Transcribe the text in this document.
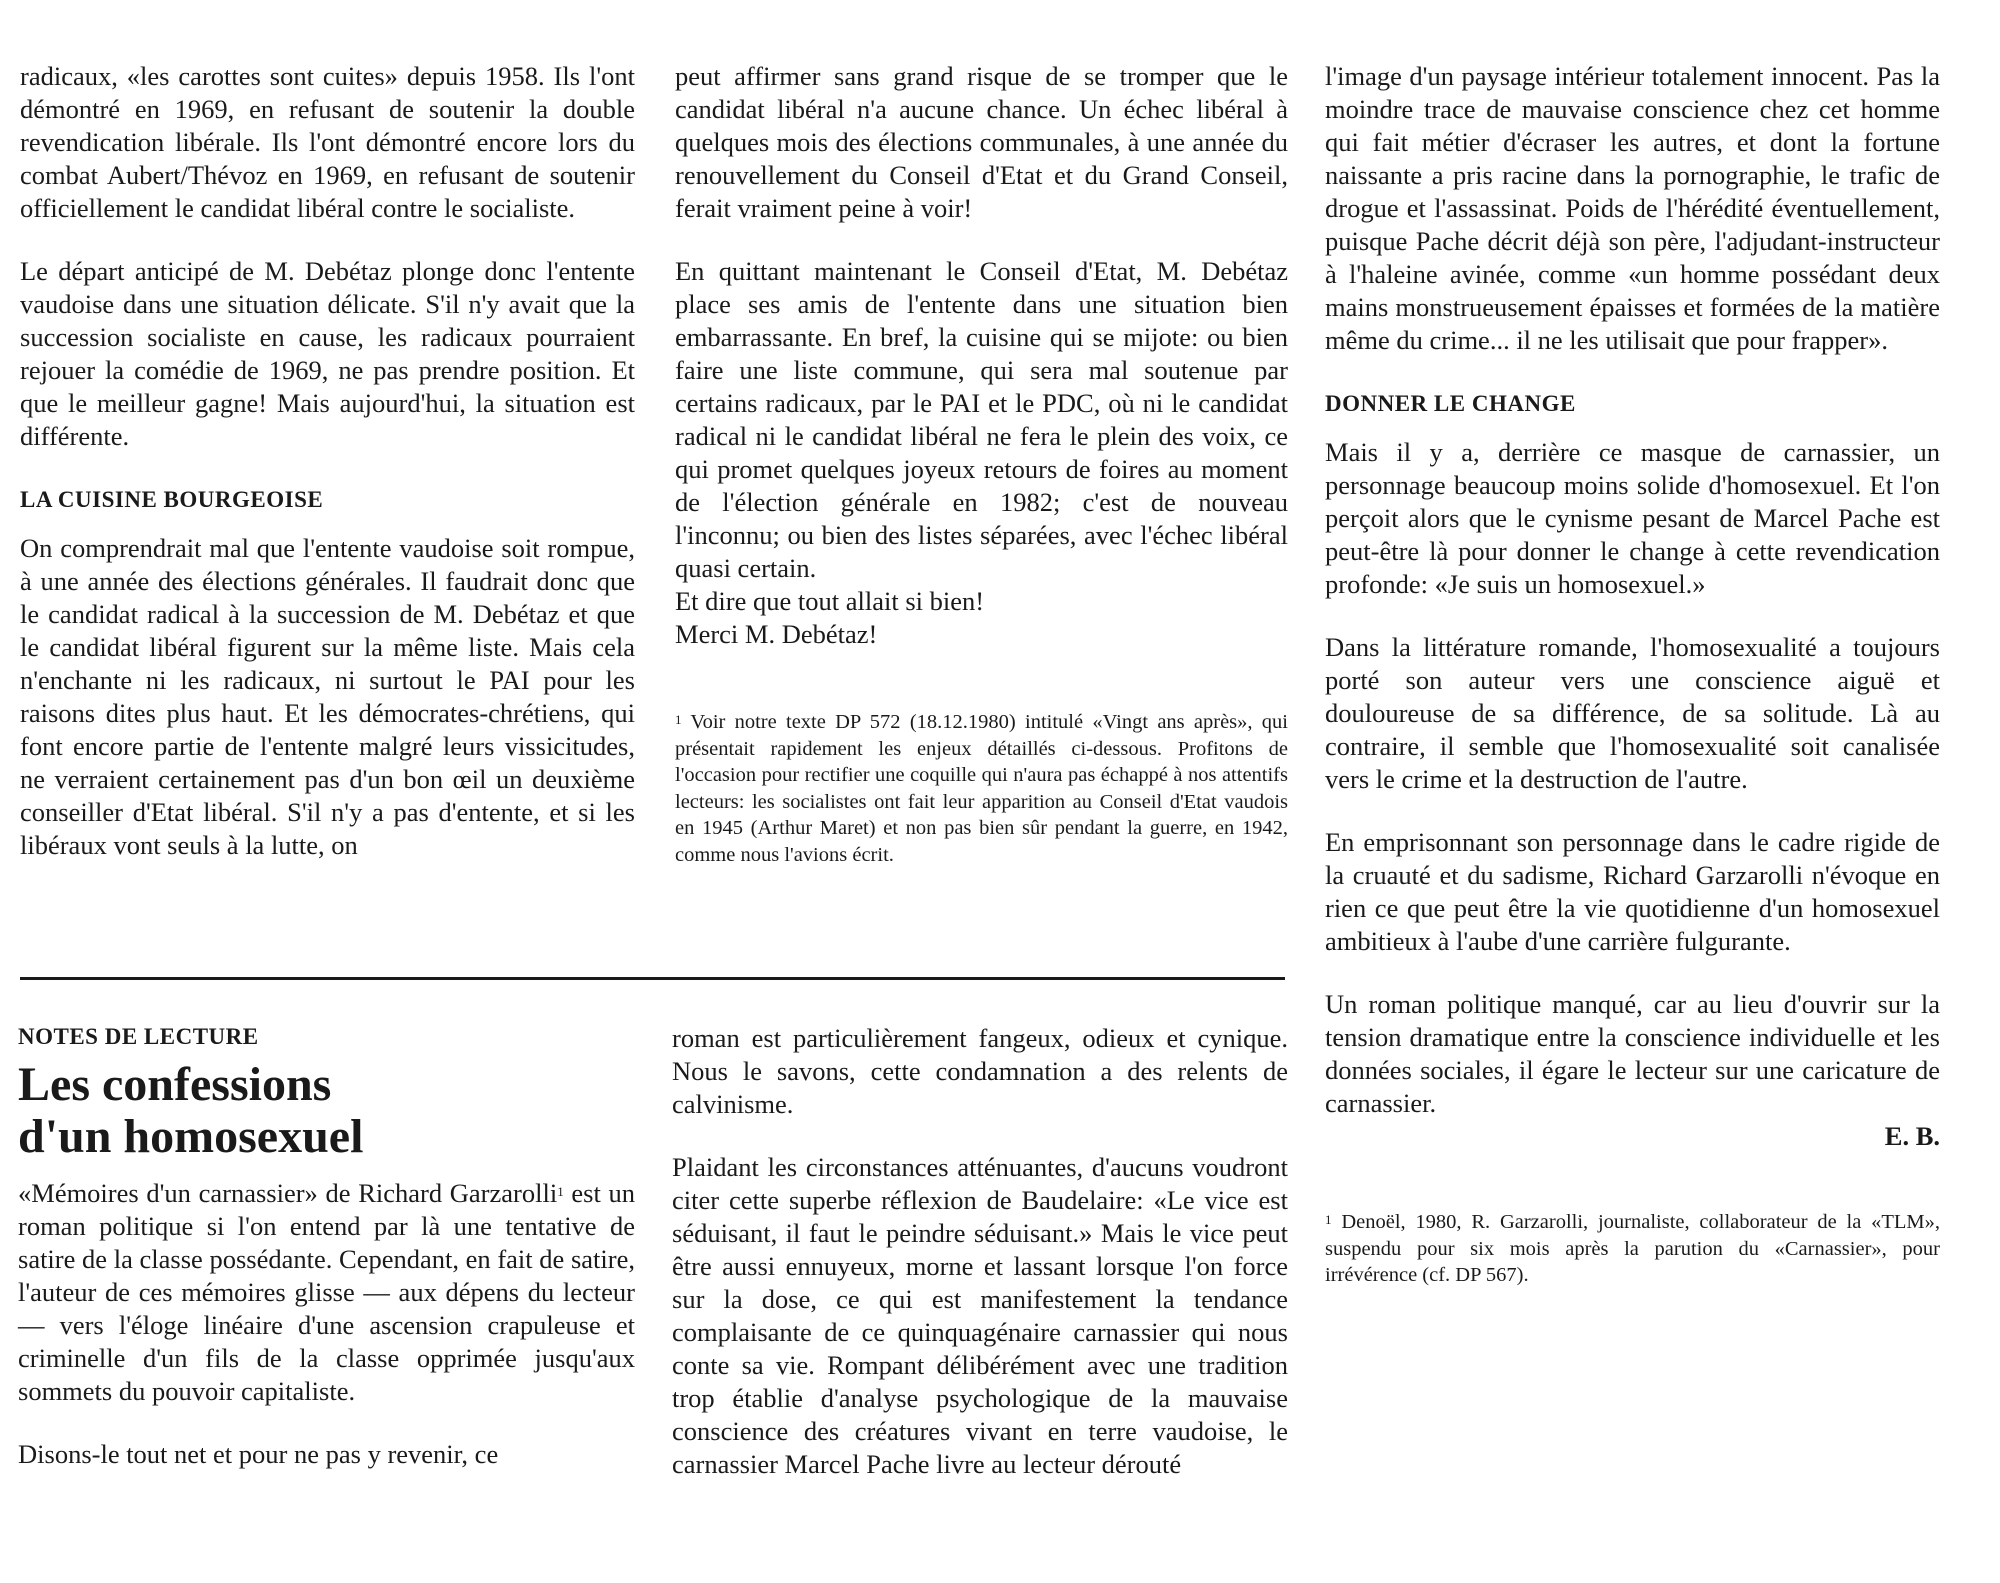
radicaux, «les carottes sont cuites» depuis 1958. Ils l'ont démontré en 1969, en refusant de soutenir la double revendication libérale. Ils l'ont démontré encore lors du combat Aubert/Thévoz en 1969, en refusant de soutenir officiellement le candidat libéral contre le socialiste.

Le départ anticipé de M. Debétaz plonge donc l'entente vaudoise dans une situation délicate. S'il n'y avait que la succession socialiste en cause, les radicaux pourraient rejouer la comédie de 1969, ne pas prendre position. Et que le meilleur gagne! Mais aujourd'hui, la situation est différente.

LA CUISINE BOURGEOISE

On comprendrait mal que l'entente vaudoise soit rompue, à une année des élections générales. Il faudrait donc que le candidat radical à la succession de M. Debétaz et que le candidat libéral figurent sur la même liste. Mais cela n'enchante ni les radicaux, ni surtout le PAI pour les raisons dites plus haut. Et les démocrates-chrétiens, qui font encore partie de l'entente malgré leurs vissicitudes, ne verraient certainement pas d'un bon œil un deuxième conseiller d'Etat libéral. S'il n'y a pas d'entente, et si les libéraux vont seuls à la lutte, on

peut affirmer sans grand risque de se tromper que le candidat libéral n'a aucune chance. Un échec libéral à quelques mois des élections communales, à une année du renouvellement du Conseil d'Etat et du Grand Conseil, ferait vraiment peine à voir!

En quittant maintenant le Conseil d'Etat, M. Debétaz place ses amis de l'entente dans une situation bien embarrassante. En bref, la cuisine qui se mijote: ou bien faire une liste commune, qui sera mal soutenue par certains radicaux, par le PAI et le PDC, où ni le candidat radical ni le candidat libéral ne fera le plein des voix, ce qui promet quelques joyeux retours de foires au moment de l'élection générale en 1982; c'est de nouveau l'inconnu; ou bien des listes séparées, avec l'échec libéral quasi certain.

Et dire que tout allait si bien!

Merci M. Debétaz!

$^1$ Voir notre texte DP 572 (18.12.1980) intitulé «Vingt ans après», qui présentait rapidement les enjeux détaillés ci-dessous. Profitons de l'occasion pour rectifier une coquille qui n'aura pas échappé à nos attentifs lecteurs: les socialistes ont fait leur apparition au Conseil d'Etat vaudois en 1945 (Arthur Maret) et non pas bien sûr pendant la guerre, en 1942, comme nous l'avions écrit.

l'image d'un paysage intérieur totalement innocent. Pas la moindre trace de mauvaise conscience chez cet homme qui fait métier d'écraser les autres, et dont la fortune naissante a pris racine dans la pornographie, le trafic de drogue et l'assassinat. Poids de l'hérédité éventuellement, puisque Pache décrit déjà son père, l'adjudant-instructeur à l'haleine avinée, comme «un homme possédant deux mains monstrueusement épaisses et formées de la matière même du crime... il ne les utilisait que pour frapper».

DONNER LE CHANGE

Mais il y a, derrière ce masque de carnassier, un personnage beaucoup moins solide d'homosexuel. Et l'on perçoit alors que le cynisme pesant de Marcel Pache est peut-être là pour donner le change à cette revendication profonde: «Je suis un homosexuel.»

Dans la littérature romande, l'homosexualité a toujours porté son auteur vers une conscience aiguë et douloureuse de sa différence, de sa solitude. Là au contraire, il semble que l'homosexualité soit canalisée vers le crime et la destruction de l'autre.

En emprisonnant son personnage dans le cadre rigide de la cruauté et du sadisme, Richard Garzarolli n'évoque en rien ce que peut être la vie quotidienne d'un homosexuel ambitieux à l'aube d'une carrière fulgurante.

Un roman politique manqué, car au lieu d'ouvrir sur la tension dramatique entre la conscience individuelle et les données sociales, il égare le lecteur sur une caricature de carnassier.

E. B.

$^1$ Denoël, 1980, R. Garzarolli, journaliste, collaborateur de la «TLM», suspendu pour six mois après la parution du «Carnassier», pour irrévérence (cf. DP 567).

NOTES DE LECTURE

Les confessions
d'un homosexuel

«Mémoires d'un carnassier» de Richard Garzarolli$^1$ est un roman politique si l'on entend par là une tentative de satire de la classe possédante. Cependant, en fait de satire, l'auteur de ces mémoires glisse — aux dépens du lecteur — vers l'éloge linéaire d'une ascension crapuleuse et criminelle d'un fils de la classe opprimée jusqu'aux sommets du pouvoir capitaliste.

Disons-le tout net et pour ne pas y revenir, ce

roman est particulièrement fangeux, odieux et cynique. Nous le savons, cette condamnation a des relents de calvinisme.

Plaidant les circonstances atténuantes, d'aucuns voudront citer cette superbe réflexion de Baudelaire: «Le vice est séduisant, il faut le peindre séduisant.» Mais le vice peut être aussi ennuyeux, morne et lassant lorsque l'on force sur la dose, ce qui est manifestement la tendance complaisante de ce quinquagénaire carnassier qui nous conte sa vie. Rompant délibérément avec une tradition trop établie d'analyse psychologique de la mauvaise conscience des créatures vivant en terre vaudoise, le carnassier Marcel Pache livre au lecteur dérouté
